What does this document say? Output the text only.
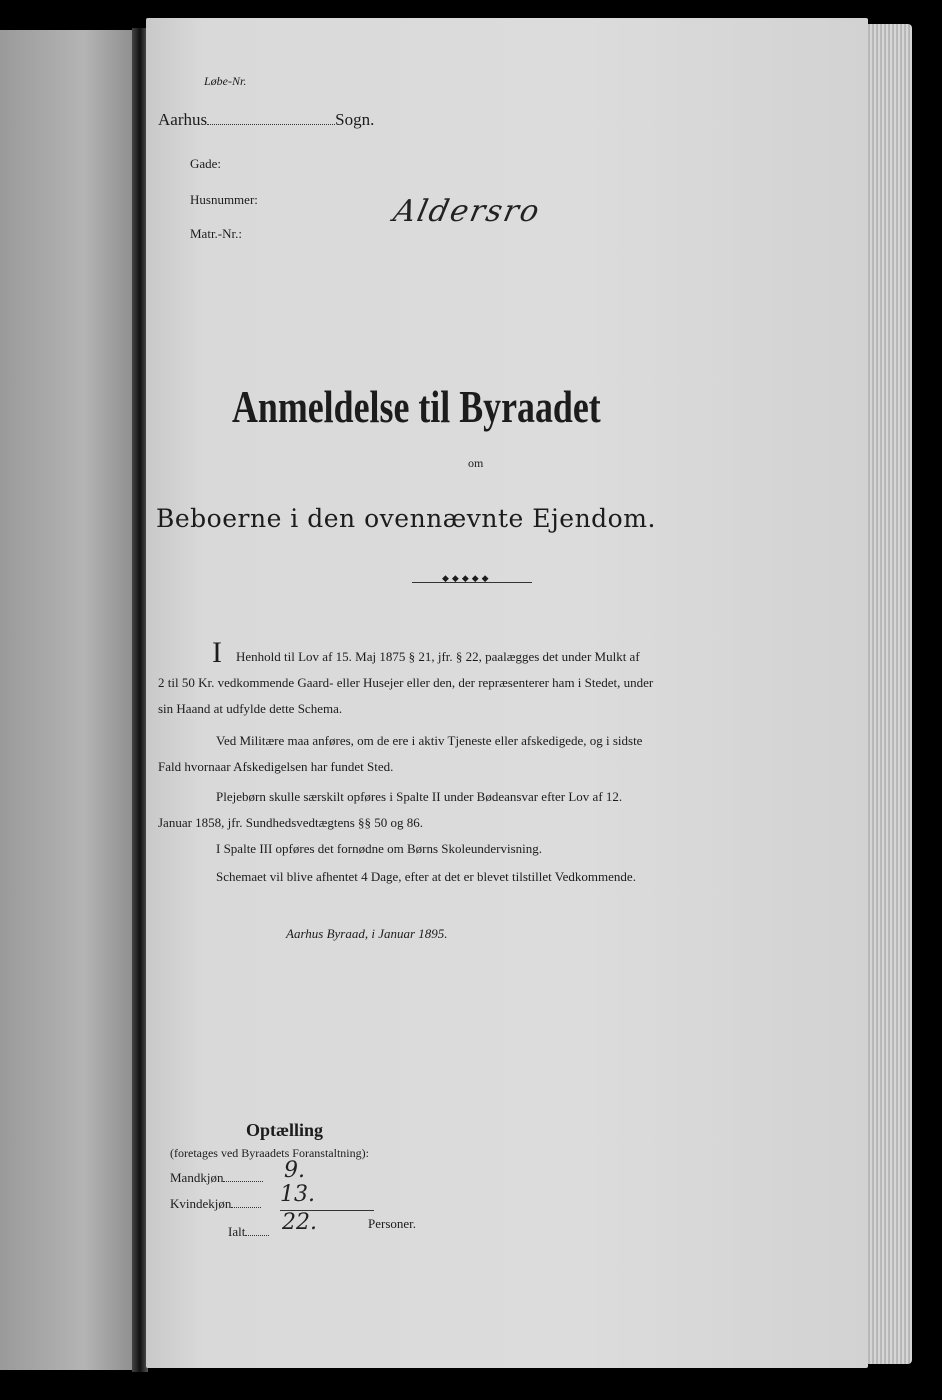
Løbe-Nr.
Aarhus	Sogn.
Gade:
Husnummer:
Matr.-Nr.:
Aldersro
Anmeldelse til Byraadet
om
Beboerne i den ovennævnte Ejendom.
◆◆◆◆◆
I Henhold til Lov af 15. Maj 1875 § 21, jfr. § 22, paalægges det under Mulkt af
2 til 50 Kr. vedkommende Gaard- eller Husejer eller den, der repræsenterer ham i Stedet, under
sin Haand at udfylde dette Schema.
Ved Militære maa anføres, om de ere i aktiv Tjeneste eller afskedigede, og i sidste
Fald hvornaar Afskedigelsen har fundet Sted.
Plejebørn skulle særskilt opføres i Spalte II under Bødeansvar efter Lov af 12.
Januar 1858, jfr. Sundhedsvedtægtens §§ 50 og 86.
I Spalte III opføres det fornødne om Børns Skoleundervisning.
Schemaet vil blive afhentet 4 Dage, efter at det er blevet tilstillet Vedkommende.
Aarhus Byraad, i Januar 1895.
Optælling
(foretages ved Byraadets Foranstaltning):
Mandkjøn	9.
Kvindekjøn	13.
Ialt	22.	Personer.
